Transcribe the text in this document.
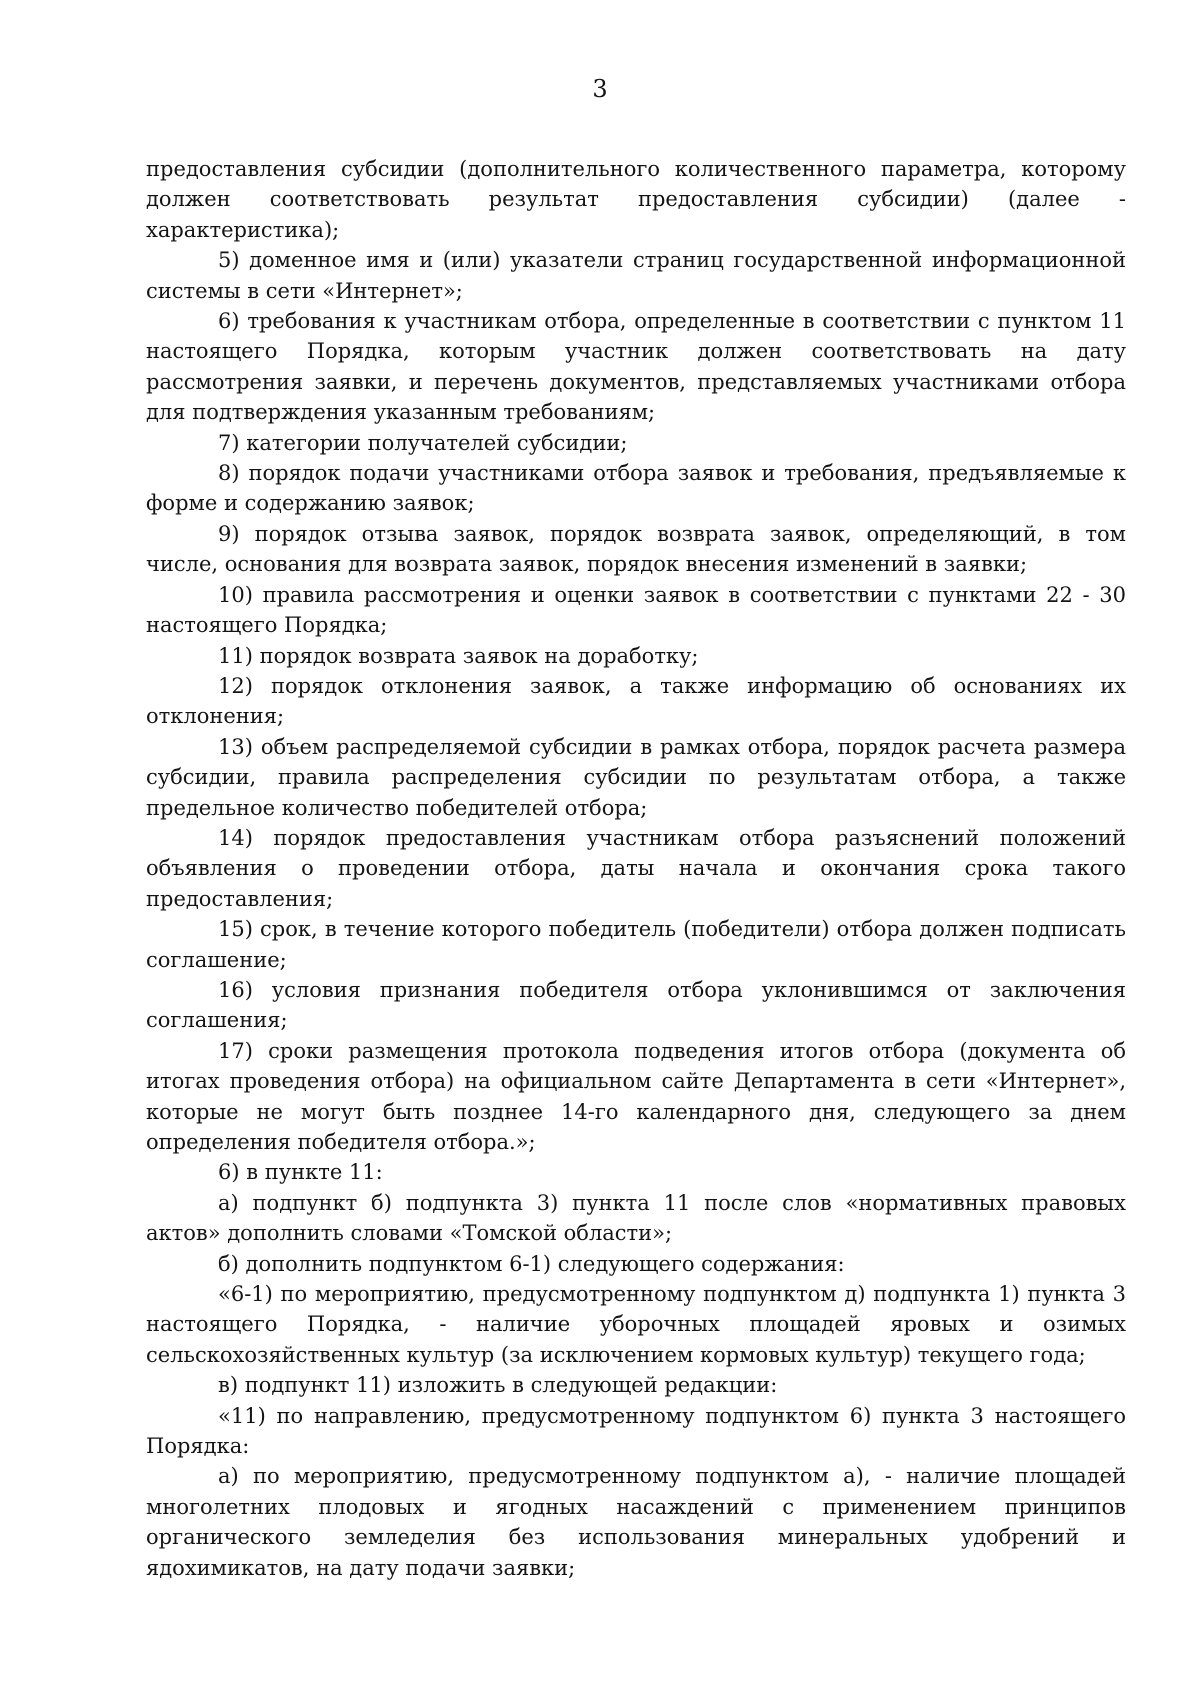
3

предоставления субсидии (дополнительного количественного параметра, которому должен соответствовать результат предоставления субсидии) (далее - характеристика);

5) доменное имя и (или) указатели страниц государственной информационной системы в сети «Интернет»;

6) требования к участникам отбора, определенные в соответствии с пунктом 11 настоящего Порядка, которым участник должен соответствовать на дату рассмотрения заявки, и перечень документов, представляемых участниками отбора для подтверждения указанным требованиям;

7) категории получателей субсидии;

8) порядок подачи участниками отбора заявок и требования, предъявляемые к форме и содержанию заявок;

9) порядок отзыва заявок, порядок возврата заявок, определяющий, в том числе, основания для возврата заявок, порядок внесения изменений в заявки;

10) правила рассмотрения и оценки заявок в соответствии с пунктами 22 - 30 настоящего Порядка;

11) порядок возврата заявок на доработку;

12) порядок отклонения заявок, а также информацию об основаниях их отклонения;

13) объем распределяемой субсидии в рамках отбора, порядок расчета размера субсидии, правила распределения субсидии по результатам отбора, а также предельное количество победителей отбора;

14) порядок предоставления участникам отбора разъяснений положений объявления о проведении отбора, даты начала и окончания срока такого предоставления;

15) срок, в течение которого победитель (победители) отбора должен подписать соглашение;

16) условия признания победителя отбора уклонившимся от заключения соглашения;

17) сроки размещения протокола подведения итогов отбора (документа об итогах проведения отбора) на официальном сайте Департамента в сети «Интернет», которые не могут быть позднее 14-го календарного дня, следующего за днем определения победителя отбора.»;

6) в пункте 11:

а) подпункт б) подпункта 3) пункта 11 после слов «нормативных правовых актов» дополнить словами «Томской области»;

б) дополнить подпунктом 6-1) следующего содержания:

«6-1) по мероприятию, предусмотренному подпунктом д) подпункта 1) пункта 3 настоящего Порядка, - наличие уборочных площадей яровых и озимых сельскохозяйственных культур (за исключением кормовых культур) текущего года;

в) подпункт 11) изложить в следующей редакции:

«11) по направлению, предусмотренному подпунктом 6) пункта 3 настоящего Порядка:

а) по мероприятию, предусмотренному подпунктом а), - наличие площадей многолетних плодовых и ягодных насаждений с применением принципов органического земледелия без использования минеральных удобрений и ядохимикатов, на дату подачи заявки;
